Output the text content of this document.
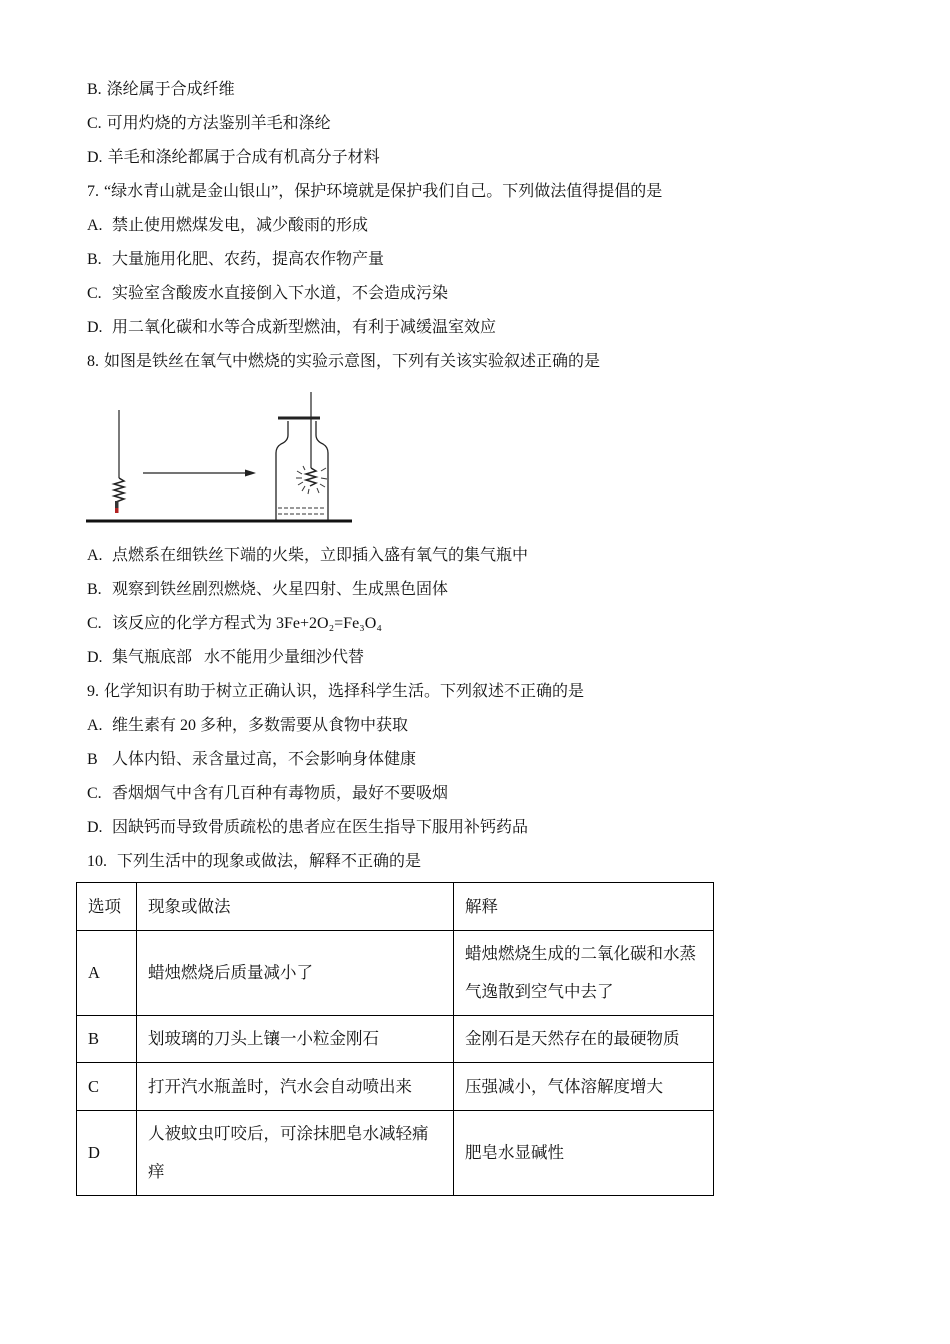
B. 涤纶属于合成纤维
C. 可用灼烧的方法鉴别羊毛和涤纶
D. 羊毛和涤纶都属于合成有机高分子材料
7. “绿水青山就是金山银山”，保护环境就是保护我们自己。下列做法值得提倡的是
A. 禁止使用燃煤发电，减少酸雨的形成
B. 大量施用化肥、农药，提高农作物产量
C. 实验室含酸废水直接倒入下水道，不会造成污染
D. 用二氧化碳和水等合成新型燃油，有利于减缓温室效应
8. 如图是铁丝在氧气中燃烧的实验示意图，下列有关该实验叙述正确的是
A. 点燃系在细铁丝下端的火柴，立即插入盛有氧气的集气瓶中
B. 观察到铁丝剧烈燃烧、火星四射、生成黑色固体
C. 该反应的化学方程式为 3Fe+2O₂=Fe₃O₄
D. 集气瓶底部   水不能用少量细沙代替
9. 化学知识有助于树立正确认识，选择科学生活。下列叙述不正确的是
A. 维生素有 20 多种，多数需要从食物中获取
B 人体内铅、汞含量过高，不会影响身体健康
C. 香烟烟气中含有几百种有毒物质，最好不要吸烟
D. 因缺钙而导致骨质疏松的患者应在医生指导下服用补钙药品
10. 下列生活中的现象或做法，解释不正确的是
选项	现象或做法	解释
A	蜡烛燃烧后质量减小了	蜡烛燃烧生成的二氧化碳和水蒸气逸散到空气中去了
B	划玻璃的刀头上镶一小粒金刚石	金刚石是天然存在的最硬物质
C	打开汽水瓶盖时，汽水会自动喷出来	压强减小，气体溶解度增大
D	人被蚊虫叮咬后，可涂抹肥皂水减轻痛痒	肥皂水显碱性
